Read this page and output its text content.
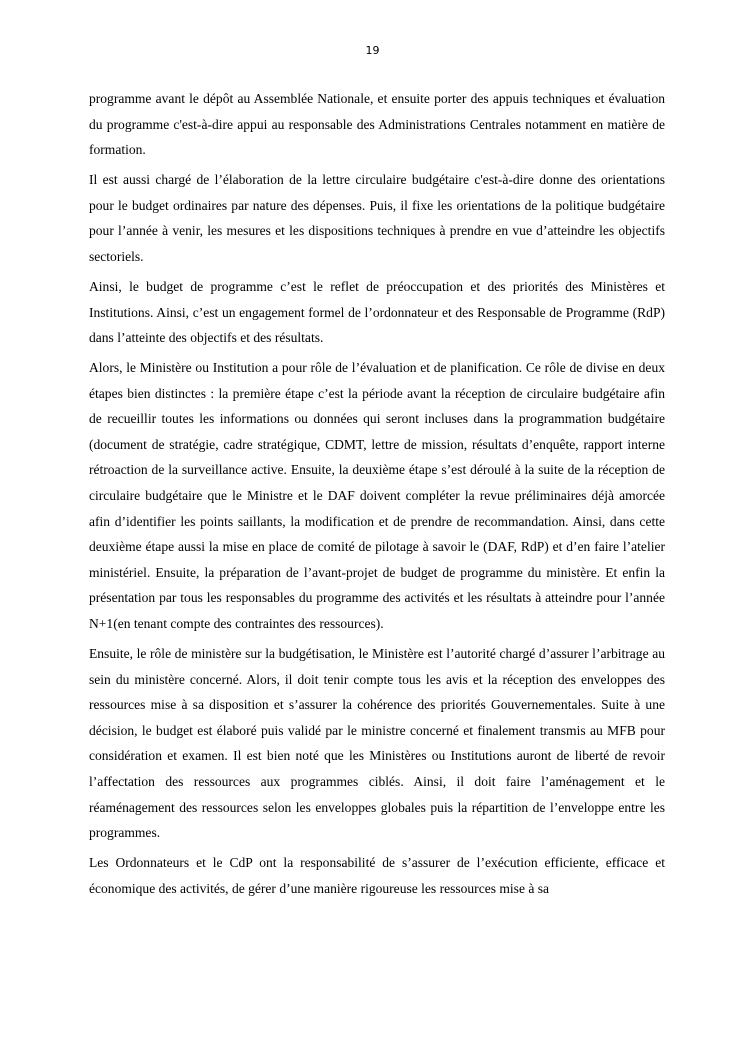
19

programme avant le dépôt au Assemblée Nationale, et ensuite porter des appuis techniques et évaluation du programme c'est-à-dire appui au responsable des Administrations Centrales notamment en matière de formation.

Il est aussi chargé de l’élaboration de la lettre circulaire budgétaire c'est-à-dire donne des orientations pour le budget ordinaires par nature des dépenses. Puis, il fixe les orientations de la politique budgétaire pour l’année à venir, les mesures et les dispositions techniques à prendre en vue d’atteindre les objectifs sectoriels.

Ainsi, le budget de programme c’est le reflet de préoccupation et des priorités des Ministères et Institutions. Ainsi, c’est un engagement formel de l’ordonnateur et des Responsable de Programme (RdP) dans l’atteinte des objectifs et des résultats.

Alors, le Ministère ou Institution a pour rôle de l’évaluation et de planification. Ce rôle de divise en deux étapes bien distinctes : la première étape c’est la période avant la réception de circulaire budgétaire afin de recueillir toutes les informations ou données qui seront incluses dans la programmation budgétaire (document de stratégie, cadre stratégique, CDMT, lettre de mission, résultats d’enquête, rapport interne rétroaction de la surveillance active. Ensuite, la deuxième étape s’est déroulé à la suite de la réception de circulaire budgétaire que le Ministre et le DAF doivent compléter la revue préliminaires déjà amorcée afin d’identifier les points saillants, la modification et de prendre de recommandation. Ainsi, dans cette deuxième étape aussi la mise en place de comité de pilotage à savoir le (DAF, RdP) et d’en faire l’atelier ministériel. Ensuite, la préparation de l’avant-projet de budget de programme du ministère. Et enfin la présentation par tous les responsables du programme des activités et les résultats à atteindre pour l’année N+1(en tenant compte des contraintes des ressources).

Ensuite, le rôle de ministère sur la budgétisation, le Ministère est l’autorité chargé d’assurer l’arbitrage au sein du ministère concerné. Alors, il doit tenir compte tous les avis et la réception des enveloppes des ressources mise à sa disposition et s’assurer la cohérence des priorités Gouvernementales. Suite à une décision, le budget est élaboré puis validé par le ministre concerné et finalement transmis au MFB pour considération et examen. Il est bien noté que les Ministères ou Institutions auront de liberté de revoir l’affectation des ressources aux programmes ciblés. Ainsi, il doit faire l’aménagement et le réaménagement des ressources selon les enveloppes globales puis la répartition de l’enveloppe entre les programmes.

Les Ordonnateurs et le CdP ont la responsabilité de s’assurer de l’exécution efficiente, efficace et économique des activités, de gérer d’une manière rigoureuse les ressources mise à sa
